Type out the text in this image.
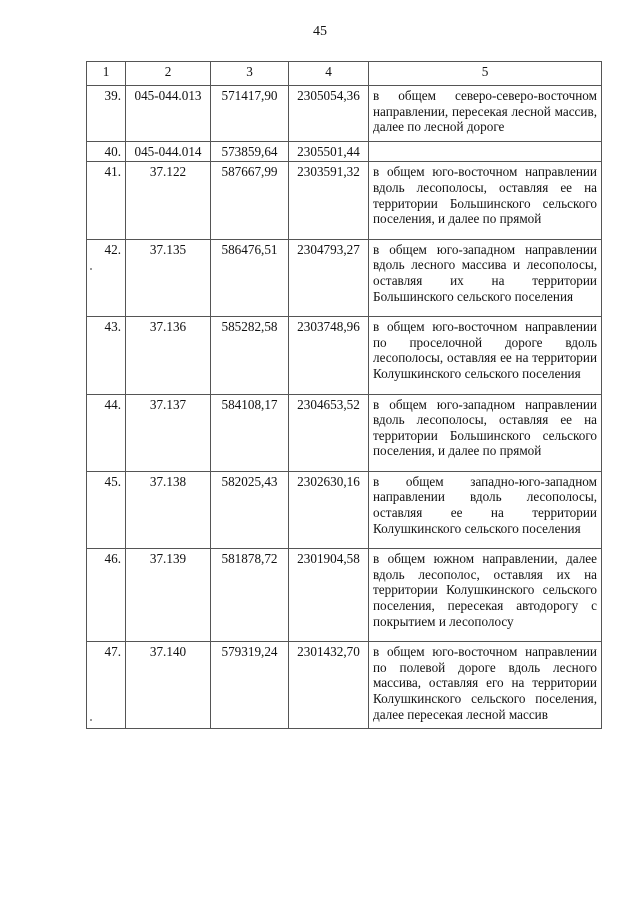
45
1	2	3	4	5
39.	045-044.013	571417,90	2305054,36	в общем северо-северо-восточном направлении, пересекая лесной массив, далее по лесной дороге
40.	045-044.014	573859,64	2305501,44	
41.	37.122	587667,99	2303591,32	в общем юго-восточном направлении вдоль лесополосы, оставляя ее на территории Большинского сельского поселения, и далее по прямой
42.	37.135	586476,51	2304793,27	в общем юго-западном направлении вдоль лесного массива и лесополосы, оставляя их на территории Большинского сельского поселения
43.	37.136	585282,58	2303748,96	в общем юго-восточном направлении по проселочной дороге вдоль лесополосы, оставляя ее на территории Колушкинского сельского поселения
44.	37.137	584108,17	2304653,52	в общем юго-западном направлении вдоль лесополосы, оставляя ее на территории Большинского сельского поселения, и далее по прямой
45.	37.138	582025,43	2302630,16	в общем западно-юго-западном направлении вдоль лесополосы, оставляя ее на территории Колушкинского сельского поселения
46.	37.139	581878,72	2301904,58	в общем южном направлении, далее вдоль лесополос, оставляя их на территории Колушкинского сельского поселения, пересекая автодорогу с покрытием и лесополосу
47.	37.140	579319,24	2301432,70	в общем юго-восточном направлении по полевой дороге вдоль лесного массива, оставляя его на территории Колушкинского сельского поселения, далее пересекая лесной массив
